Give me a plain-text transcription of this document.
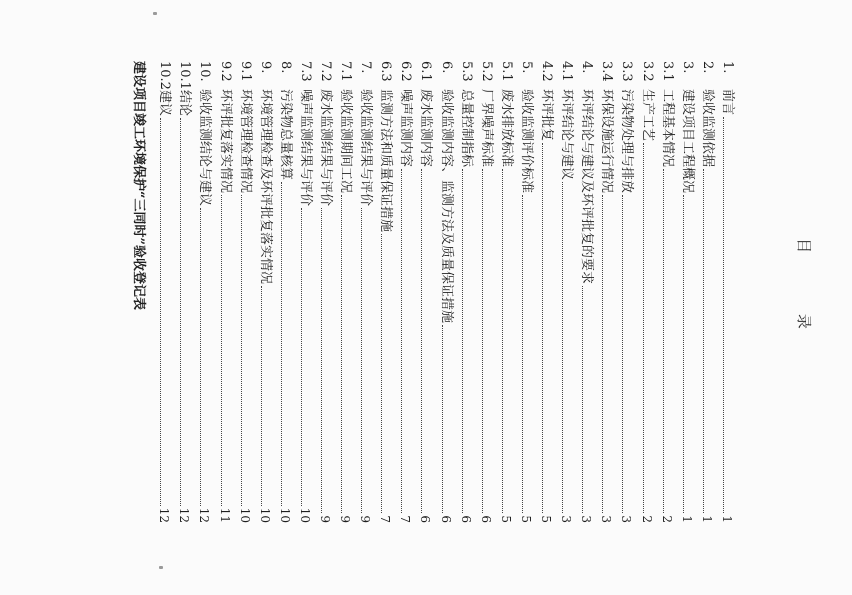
目 录
1.
前言
1
2.
验收监测依据
1
3.
建设项目工程概况
1
3.1
工程基本情况
2
3.2
生产工艺
2
3.3
污染物处理与排放
3
3.4
环保设施运行情况
3
4.
环评结论与建议及环评批复的要求
3
4.1
环评结论与建议
3
4.2
环评批复
5
5.
验收监测评价标准
5
5.1
废水排放标准
5
5.2
厂界噪声标准
6
5.3
总量控制指标
6
6.
验收监测内容、监测方法及质量保证措施
6
6.1
废水监测内容
6
6.2
噪声监测内容
7
6.3
监测方法和质量保证措施
7
7.
验收监测结果与评价
9
7.1
验收监测期间工况
9
7.2
废水监测结果与评价
9
7.3
噪声监测结果与评价
10
8.
污染物总量核算
10
9.
环境管理检查及环评批复落实情况
10
9.1
环境管理检查情况
10
9.2
环评批复落实情况
11
10.
验收监测结论与建议
12
10.1
结论
12
10.2
建议
12
建设项目竣工环境保护“三同时”验收登记表
